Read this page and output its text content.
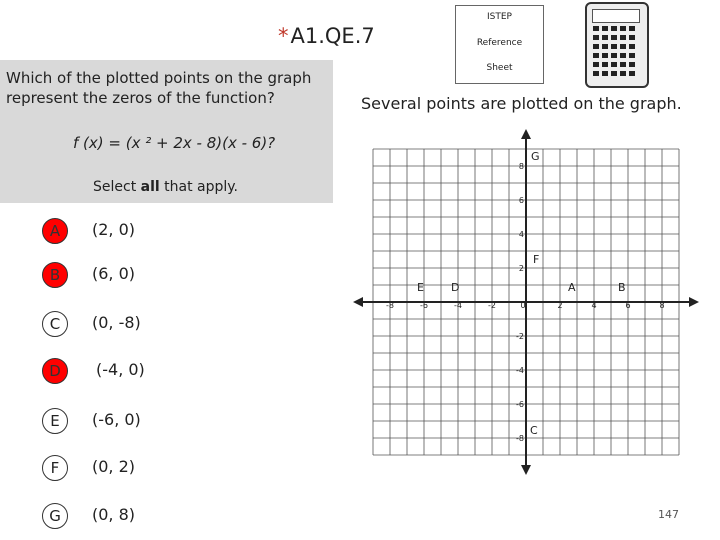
*A1.QE.7
ISTEP
Reference
Sheet
Which of the plotted points on the graph represent the zeros of the function?
f (x) = (x ² + 2x - 8)(x - 6)?
Select all that apply.
Several points are plotted on the graph.
A	(2, 0)
B	(6, 0)
C	(0, -8)
D	(-4, 0)
E	(-6, 0)
F	(0, 2)
G	(0, 8)
-8	-6	-4	-2	0	2	4	6	8
8
6
4
2
-2
-4
-6
-8
A	B
C
D
E
F
G
147
